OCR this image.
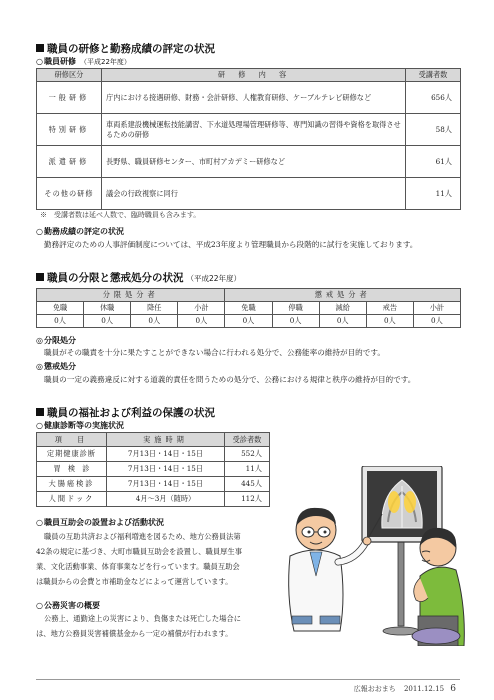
職員の研修と勤務成績の評定の状況
○職員研修 （平成22年度）
研修区分	研　修　内　容	受講者数
一般研修	庁内における接遇研修、財務・会計研修、人権教育研修、ケーブルテレビ研修など	656人
特別研修	車両系建設機械運転技能講習、下水道処理場管理研修等、専門知識の習得や資格を取得させるための研修	58人
派遣研修	長野県、職員研修センター、市町村アカデミー研修など	61人
その他の研修	議会の行政視察に同行	11人
※　受講者数は延べ人数で、臨時職員も含みます。
○勤務成績の評定の状況
勤務評定のための人事評価制度については、平成23年度より管理職員から段階的に試行を実施しております。
職員の分限と懲戒処分の状況 （平成22年度）
分限処分者				懲戒処分者				
免職	休職	降任	小計	免職	停職	減給	戒告	小計
0人	0人	0人	0人	0人	0人	0人	0人	0人
◎分限処分
職員がその職責を十分に果たすことができない場合に行われる処分で、公務能率の維持が目的です。
◎懲戒処分
職員の一定の義務違反に対する道義的責任を問うための処分で、公務における規律と秩序の維持が目的です。
職員の福祉および利益の保護の状況
○健康診断等の実施状況
項　目	実施時期	受診者数
定期健康診断	7月13日・14日・15日	552人
胃　検　診	7月13日・14日・15日	11人
大腸癌検診	7月13日・14日・15日	445人
人間ドック	4月～3月（随時）	112人
○職員互助会の設置および活動状況
職員の互助共済および福利増進を図るため、地方公務員法第
42条の規定に基づき、大町市職員互助会を設置し、職員厚生事
業、文化活動事業、体育事業などを行っています。職員互助会
は職員からの会費と市補助金などによって運営しています。
○公務災害の概要
公務上、通勤途上の災害により、負傷または死亡した場合に
は、地方公務員災害補償基金から一定の補償が行われます。
広報おおまち 2011.12.15 6
